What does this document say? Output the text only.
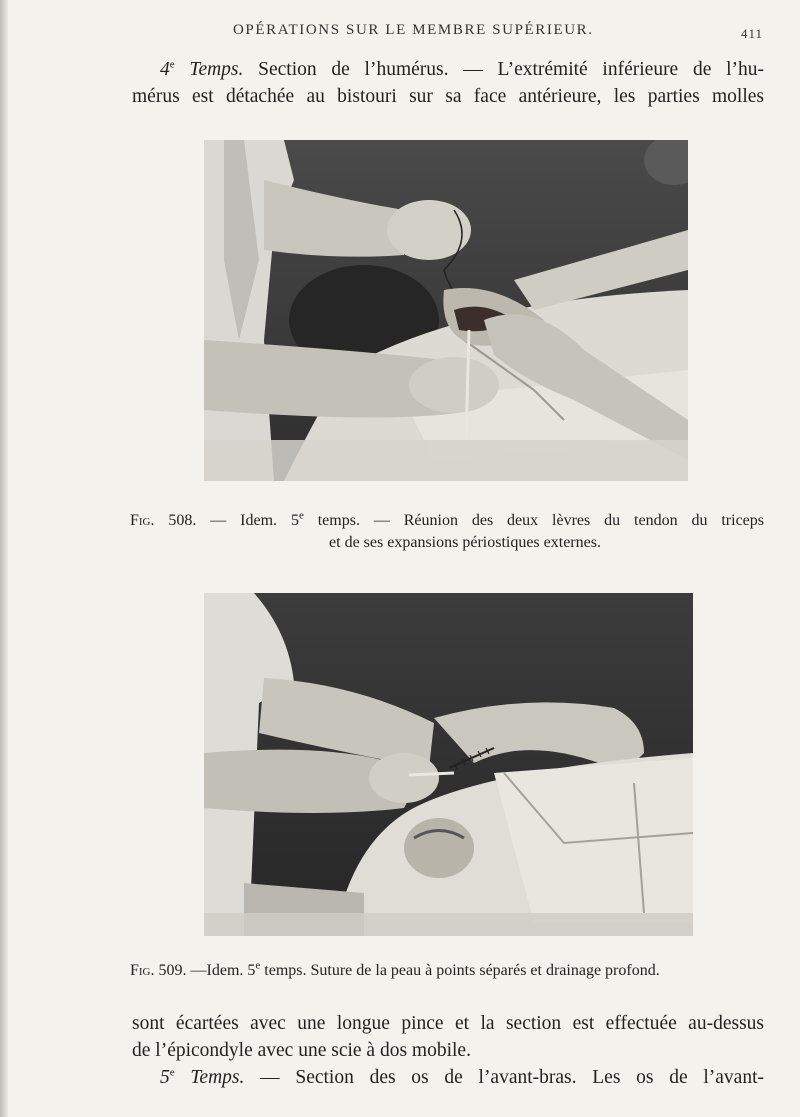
OPÉRATIONS SUR LE MEMBRE SUPÉRIEUR.	411
4e Temps. Section de l’humérus. — L’extrémité inférieure de l’hu-
mérus est détachée au bistouri sur sa face antérieure, les parties molles
Fig. 508. — Idem. 5e temps. — Réunion des deux lèvres du tendon du triceps
et de ses expansions périostiques externes.
Fig. 509. —Idem. 5e temps. Suture de la peau à points séparés et drainage profond.
sont écartées avec une longue pince et la section est effectuée au-dessus
de l’épicondyle avec une scie à dos mobile.
5e Temps. — Section des os de l’avant-bras. Les os de l’avant-
